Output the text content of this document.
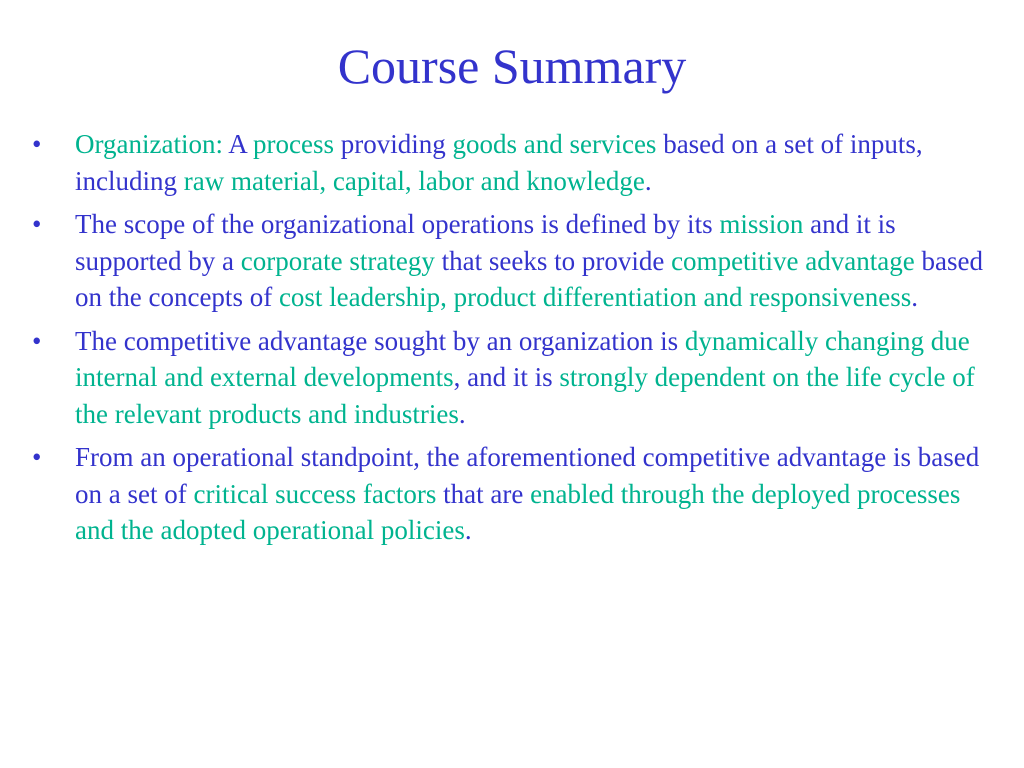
Course Summary
• Organization: A process providing goods and services based on a set of inputs, including raw material, capital, labor and knowledge.
• The scope of the organizational operations is defined by its mission and it is supported by a corporate strategy that seeks to provide competitive advantage based on the concepts of cost leadership, product differentiation and responsiveness.
• The competitive advantage sought by an organization is dynamically changing due internal and external developments, and it is strongly dependent on the life cycle of the relevant products and industries.
• From an operational standpoint, the aforementioned competitive advantage is based on a set of critical success factors that are enabled through the deployed processes and the adopted operational policies.
